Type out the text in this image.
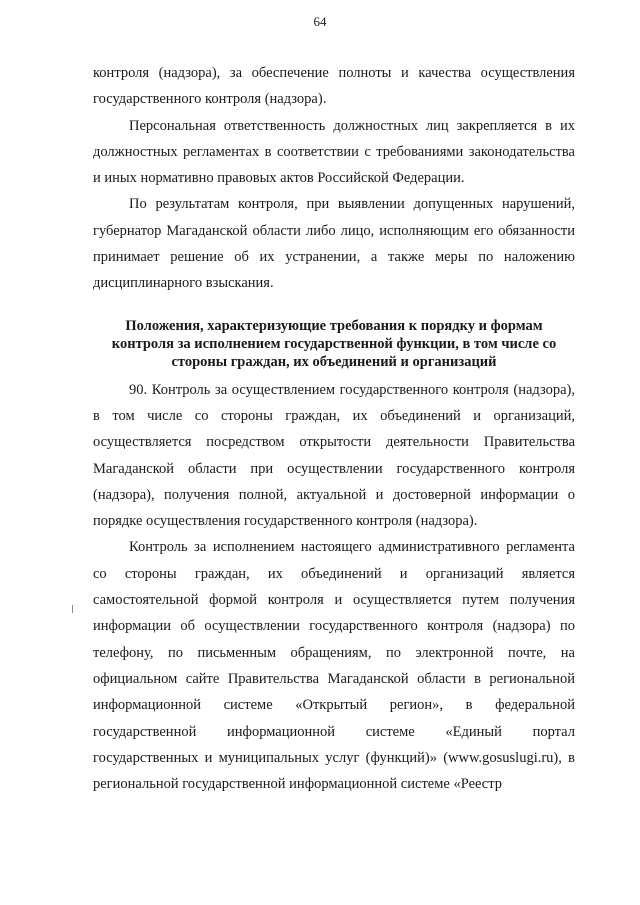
64

контроля (надзора), за обеспечение полноты и качества осуществления государственного контроля (надзора).

Персональная ответственность должностных лиц закрепляется в их должностных регламентах в соответствии с требованиями законодательства и иных нормативно правовых актов Российской Федерации.

По результатам контроля, при выявлении допущенных нарушений, губернатор Магаданской области либо лицо, исполняющим его обязанности принимает решение об их устранении, а также меры по наложению дисциплинарного взыскания.

Положения, характеризующие требования к порядку и формам контроля за исполнением государственной функции, в том числе со стороны граждан, их объединений и организаций

90. Контроль за осуществлением государственного контроля (надзора), в том числе со стороны граждан, их объединений и организаций, осуществляется посредством открытости деятельности Правительства Магаданской области при осуществлении государственного контроля (надзора), получения полной, актуальной и достоверной информации о порядке осуществления государственного контроля (надзора).

Контроль за исполнением настоящего административного регламента со стороны граждан, их объединений и организаций является самостоятельной формой контроля и осуществляется путем получения информации об осуществлении государственного контроля (надзора) по телефону, по письменным обращениям, по электронной почте, на официальном сайте Правительства Магаданской области в региональной информационной системе «Открытый регион», в федеральной государственной информационной системе «Единый портал государственных и муниципальных услуг (функций)» (www.gosuslugi.ru), в региональной государственной информационной системе «Реестр
